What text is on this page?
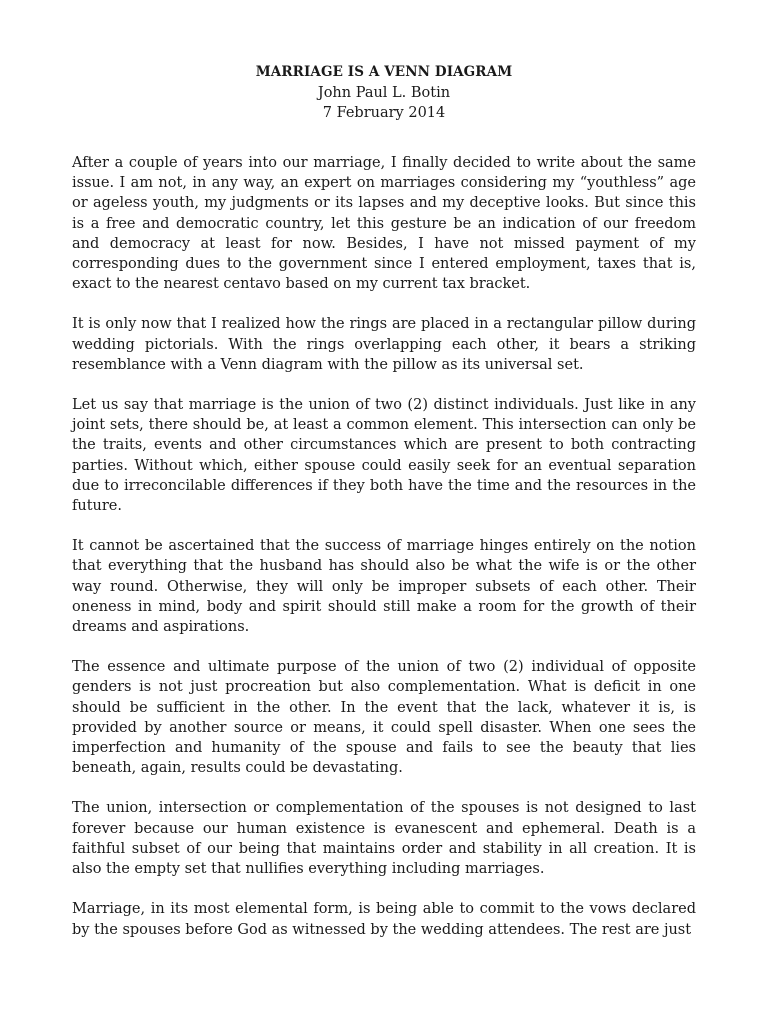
MARRIAGE IS A VENN DIAGRAM
John Paul L. Botin
7 February 2014

After a couple of years into our marriage, I finally decided to write about the same issue. I am not, in any way, an expert on marriages considering my “youthless” age or ageless youth, my judgments or its lapses and my deceptive looks. But since this is a free and democratic country, let this gesture be an indication of our freedom and democracy at least for now. Besides, I have not missed payment of my corresponding dues to the government since I entered employment, taxes that is, exact to the nearest centavo based on my current tax bracket.

It is only now that I realized how the rings are placed in a rectangular pillow during wedding pictorials. With the rings overlapping each other, it bears a striking resemblance with a Venn diagram with the pillow as its universal set.

Let us say that marriage is the union of two (2) distinct individuals. Just like in any joint sets, there should be, at least a common element. This intersection can only be the traits, events and other circumstances which are present to both contracting parties. Without which, either spouse could easily seek for an eventual separation due to irreconcilable differences if they both have the time and the resources in the future.

It cannot be ascertained that the success of marriage hinges entirely on the notion that everything that the husband has should also be what the wife is or the other way round. Otherwise, they will only be improper subsets of each other. Their oneness in mind, body and spirit should still make a room for the growth of their dreams and aspirations.

The essence and ultimate purpose of the union of two (2) individual of opposite genders is not just procreation but also complementation. What is deficit in one should be sufficient in the other. In the event that the lack, whatever it is, is provided by another source or means, it could spell disaster. When one sees the imperfection and humanity of the spouse and fails to see the beauty that lies beneath, again, results could be devastating.

The union, intersection or complementation of the spouses is not designed to last forever because our human existence is evanescent and ephemeral. Death is a faithful subset of our being that maintains order and stability in all creation. It is also the empty set that nullifies everything including marriages.

Marriage, in its most elemental form, is being able to commit to the vows declared by the spouses before God as witnessed by the wedding attendees. The rest are just
